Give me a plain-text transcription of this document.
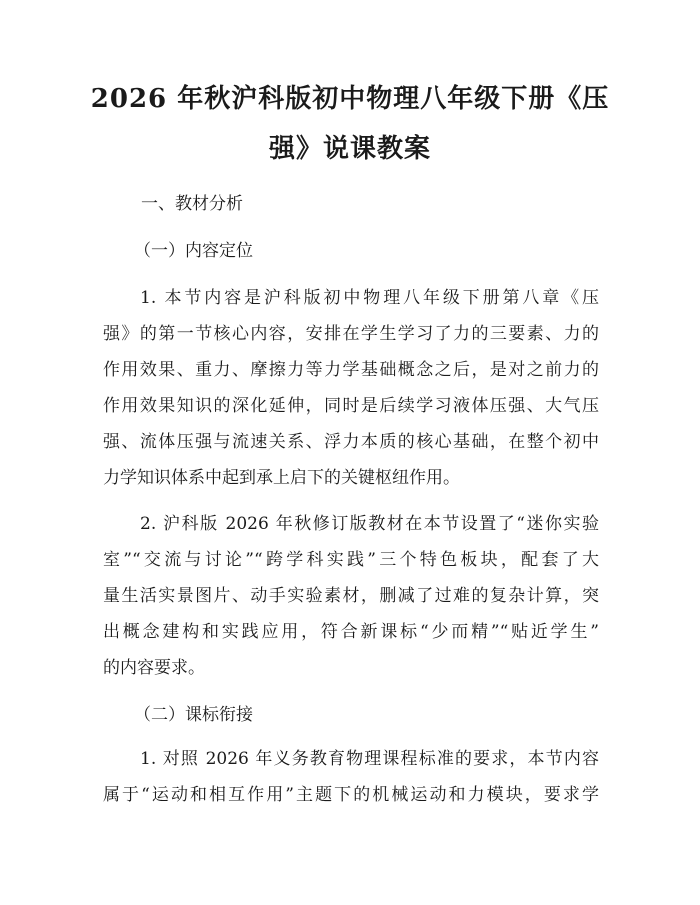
2026 年秋沪科版初中物理八年级下册《压
强》说课教案

一、教材分析

（一）内容定位

1. 本节内容是沪科版初中物理八年级下册第八章《压
强》的第一节核心内容，安排在学生学习了力的三要素、力的
作用效果、重力、摩擦力等力学基础概念之后，是对之前力的
作用效果知识的深化延伸，同时是后续学习液体压强、大气压
强、流体压强与流速关系、浮力本质的核心基础，在整个初中
力学知识体系中起到承上启下的关键枢纽作用。
2. 沪科版 2026 年秋修订版教材在本节设置了“迷你实验
室”“交流与讨论”“跨学科实践”三个特色板块，配套了大
量生活实景图片、动手实验素材，删减了过难的复杂计算，突
出概念建构和实践应用，符合新课标“少而精”“贴近学生”
的内容要求。

（二）课标衔接

1. 对照 2026 年义务教育物理课程标准的要求，本节内容
属于“运动和相互作用”主题下的机械运动和力模块，要求学
